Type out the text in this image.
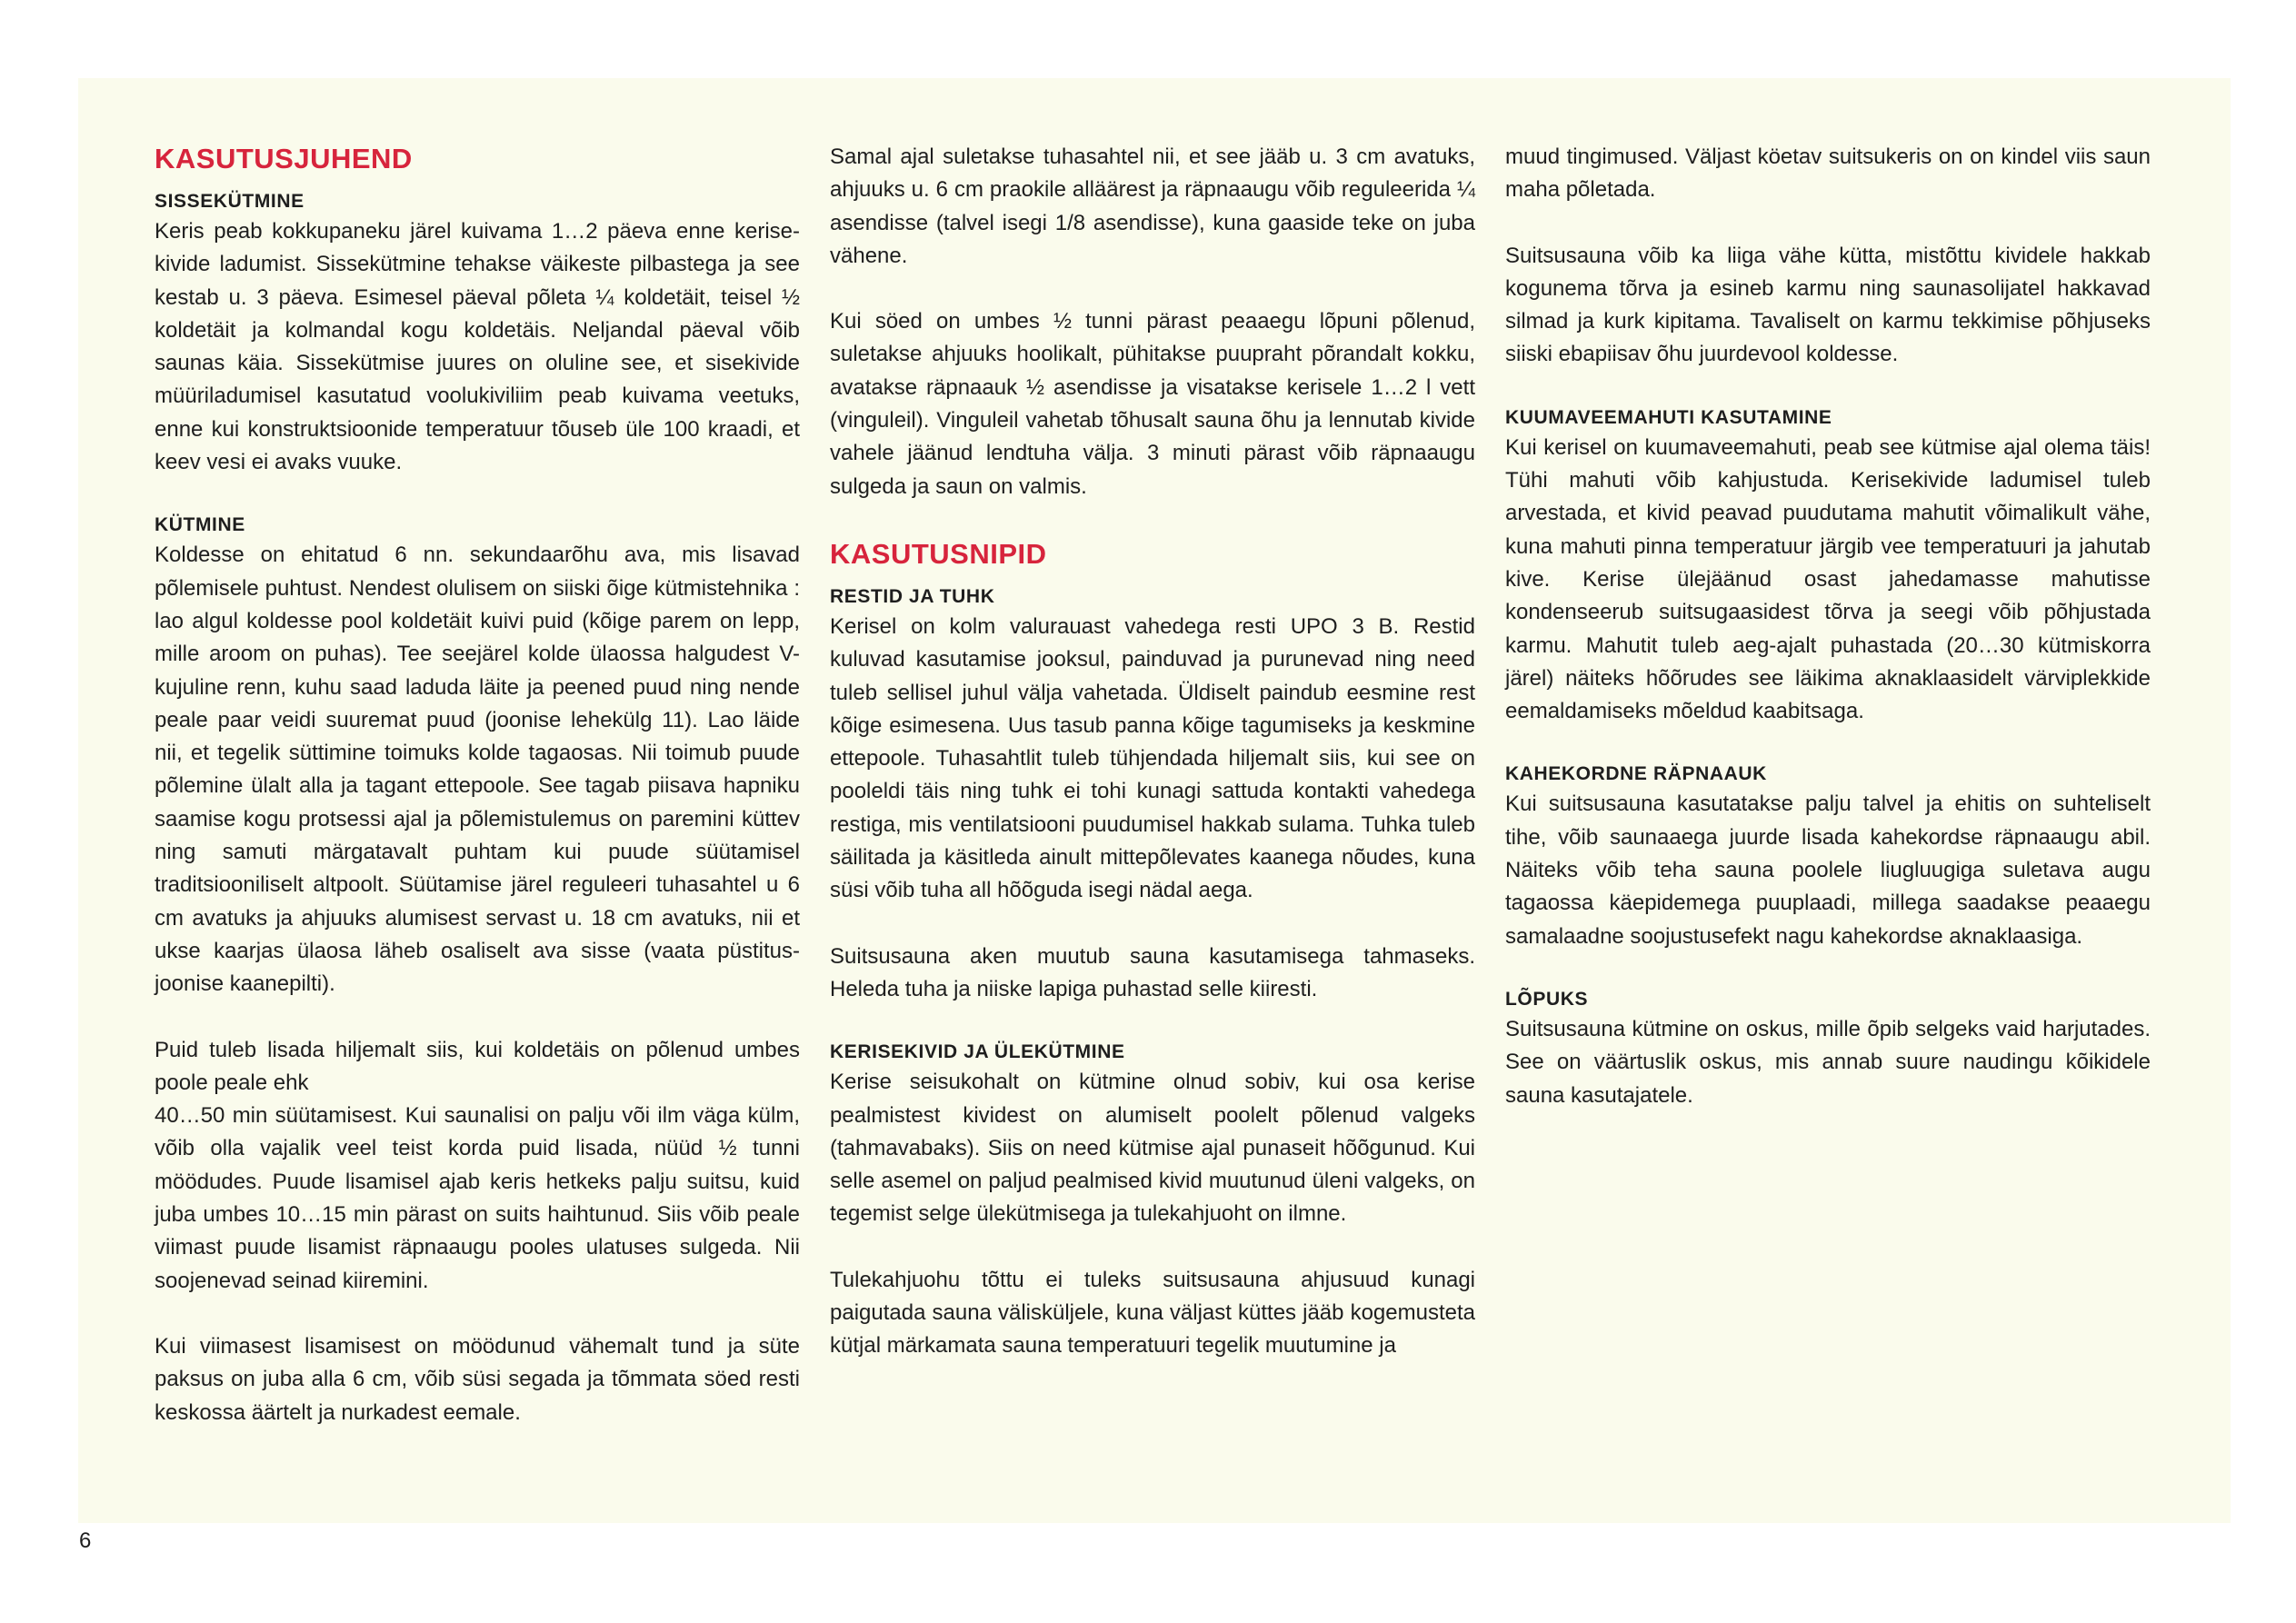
KASUTUSJUHEND
SISSEKÜTMINE

Keris peab kokkupaneku järel kuivama 1…2 päeva enne kerise-kivide ladumist. Sissekütmine tehakse väikeste pilbastega ja see kestab u. 3 päeva. Esimesel päeval põleta ¼ koldetäit, teisel ½ koldetäit ja kolmandal kogu koldetäis. Neljandal päeval võib saunas käia. Sissekütmise juures on oluline see, et sisekivide müüriladumisel kasutatud voolukiviliim peab kuivama veetuks, enne kui konstruktsioonide temperatuur tõuseb üle 100 kraadi, et keev vesi ei avaks vuuke.

KÜTMINE

Koldesse on ehitatud 6 nn. sekundaarõhu ava, mis lisavad põlemisele puhtust. Nendest olulisem on siiski õige kütmistehnika : lao algul koldesse pool koldetäit kuivi puid (kõige parem on lepp, mille aroom on puhas). Tee seejärel kolde ülaossa halgudest V-kujuline renn, kuhu saad laduda läite ja peened puud ning nende peale paar veidi suuremat puud (joonise lehekülg 11). Lao läide nii, et tegelik süttimine toimuks kolde tagaosas. Nii toimub puude põlemine ülalt alla ja tagant ettepoole. See tagab piisava hapniku saamise kogu protsessi ajal ja põlemistulemus on paremini küttev ning samuti märgatavalt puhtam kui puude süütamisel traditsiooniliselt altpoolt. Süütamise järel reguleeri tuhasahtel u 6 cm avatuks ja ahjuuks alumisest servast u. 18 cm avatuks, nii et ukse kaarjas ülaosa läheb osaliselt ava sisse (vaata püstitus-joonise kaanepilti).

Puid tuleb lisada hiljemalt siis, kui koldetäis on põlenud umbes poole peale ehk

40…50 min süütamisest. Kui saunalisi on palju või ilm väga külm, võib olla vajalik veel teist korda puid lisada, nüüd ½ tunni möödudes. Puude lisamisel ajab keris hetkeks palju suitsu, kuid juba umbes 10…15 min pärast on suits haihtunud. Siis võib peale viimast puude lisamist räpnaaugu pooles ulatuses sulgeda. Nii soojenevad seinad kiiremini.

Kui viimasest lisamisest on möödunud vähemalt tund ja süte paksus on juba alla 6 cm, võib süsi segada ja tõmmata söed resti keskossa äärtelt ja nurkadest eemale.

Samal ajal suletakse tuhasahtel nii, et see jääb u. 3 cm avatuks, ahjuuks u. 6 cm praokile alläärest ja räpnaaugu võib reguleerida ¼ asendisse (talvel isegi 1/8 asendisse), kuna gaaside teke on juba vähene.

Kui söed on umbes ½ tunni pärast peaaegu lõpuni põlenud, suletakse ahjuuks hoolikalt, pühitakse puupraht põrandalt kokku, avatakse räpnaauk ½ asendisse ja visatakse kerisele 1…2 l vett (vinguleil). Vinguleil vahetab tõhusalt sauna õhu ja lennutab kivide vahele jäänud lendtuha välja. 3 minuti pärast võib räpnaaugu sulgeda ja saun on valmis.

KASUTUSNIPID
RESTID JA TUHK

Kerisel on kolm valurauast vahedega resti UPO 3 B. Restid kuluvad kasutamise jooksul, painduvad ja purunevad ning need tuleb sellisel juhul välja vahetada. Üldiselt paindub eesmine rest kõige esimesena. Uus tasub panna kõige tagumiseks ja keskmine ettepoole. Tuhasahtlit tuleb tühjendada hiljemalt siis, kui see on pooleldi täis ning tuhk ei tohi kunagi sattuda kontakti vahedega restiga, mis ventilatsiooni puudumisel hakkab sulama. Tuhka tuleb säilitada ja käsitleda ainult mittepõlevates kaanega nõudes, kuna süsi võib tuha all hõõguda isegi nädal aega.

Suitsusauna aken muutub sauna kasutamisega tahmaseks. Heleda tuha ja niiske lapiga puhastad selle kiiresti.

KERISEKIVID JA ÜLEKÜTMINE

Kerise seisukohalt on kütmine olnud sobiv, kui osa kerise pealmistest kividest on alumiselt poolelt põlenud valgeks (tahmavabaks). Siis on need kütmise ajal punaseit hõõgunud. Kui selle asemel on paljud pealmised kivid muutunud üleni valgeks, on tegemist selge ülekütmisega ja tulekahjuoht on ilmne.

Tulekahjuohu tõttu ei tuleks suitsusauna ahjusuud kunagi paigutada sauna välisküljele, kuna väljast küttes jääb kogemusteta kütjal märkamata sauna temperatuuri tegelik muutumine ja

muud tingimused. Väljast köetav suitsukeris on on kindel viis saun maha põletada.

Suitsusauna võib ka liiga vähe kütta, mistõttu kividele hakkab kogunema tõrva ja esineb karmu ning saunasolijatel hakkavad silmad ja kurk kipitama. Tavaliselt on karmu tekkimise põhjuseks siiski ebapiisav õhu juurdevool koldesse.

KUUMAVEEMAHUTI KASUTAMINE

Kui kerisel on kuumaveemahuti, peab see kütmise ajal olema täis! Tühi mahuti võib kahjustuda. Kerisekivide ladumisel tuleb arvestada, et kivid peavad puudutama mahutit võimalikult vähe, kuna mahuti pinna temperatuur järgib vee temperatuuri ja jahutab kive. Kerise ülejäänud osast jahedamasse mahutisse kondenseerub suitsugaasidest tõrva ja seegi võib põhjustada karmu. Mahutit tuleb aeg-ajalt puhastada (20…30 kütmiskorra järel) näiteks hõõrudes see läikima aknaklaasidelt värviplekkide eemaldamiseks mõeldud kaabitsaga.

KAHEKORDNE RÄPNAAUK

Kui suitsusauna kasutatakse palju talvel ja ehitis on suhteliselt tihe, võib saunaaega juurde lisada kahekordse räpnaaugu abil. Näiteks võib teha sauna poolele liugluugiga suletava augu tagaossa käepidemega puuplaadi, millega saadakse peaaegu samalaadne soojustusefekt nagu kahekordse aknaklaasiga.

LÕPUKS

Suitsusauna kütmine on oskus, mille õpib selgeks vaid harjutades. See on väärtuslik oskus, mis annab suure naudingu kõikidele sauna kasutajatele.

6
